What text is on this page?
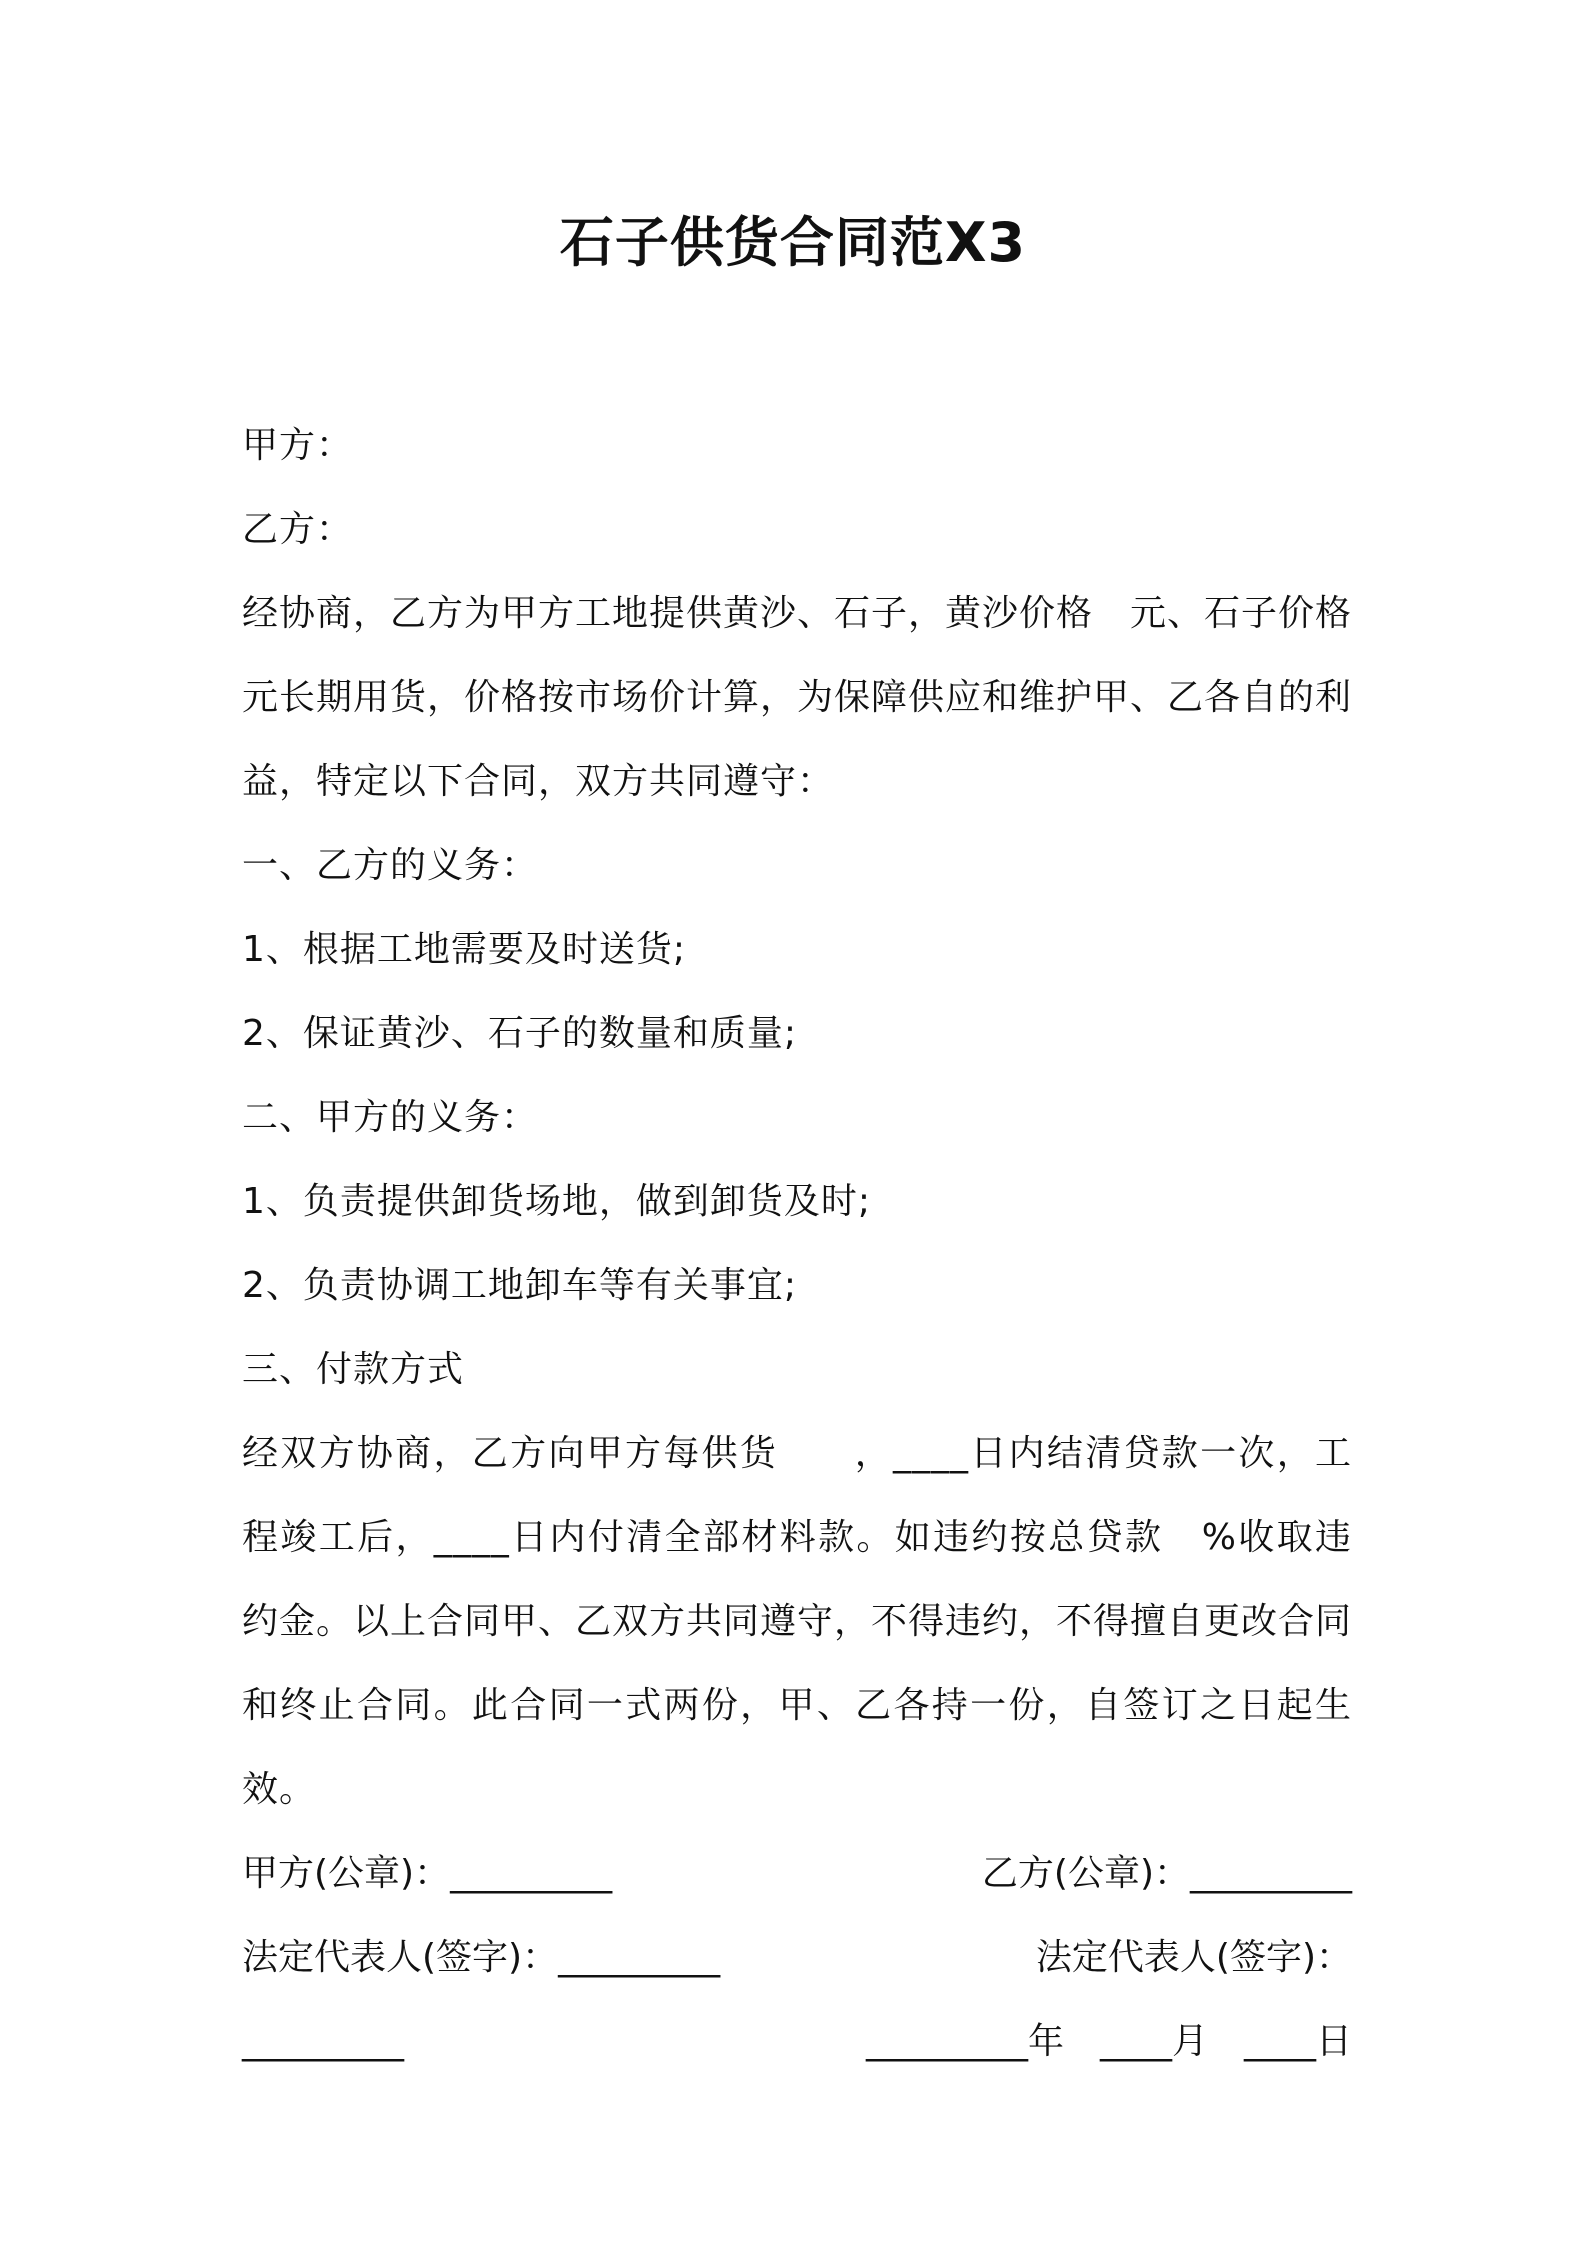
石子供货合同范X3
甲方：
乙方：
经协商，乙方为甲方工地提供黄沙、石子，黄沙价格　元、石子价格　元长期用货，价格按市场价计算，为保障供应和维护甲、乙各自的利益，特定以下合同，双方共同遵守：
一、乙方的义务：
1、根据工地需要及时送货;
2、保证黄沙、石子的数量和质量;
二、甲方的义务：
1、负责提供卸货场地，做到卸货及时;
2、负责协调工地卸车等有关事宜;
三、付款方式
经双方协商，乙方向甲方每供货　　，____日内结清贷款一次，工程竣工后，____日内付清全部材料款。如违约按总贷款　%收取违约金。以上合同甲、乙双方共同遵守，不得违约，不得擅自更改合同和终止合同。此合同一式两份，甲、乙各持一份，自签订之日起生效。
甲方(公章)：_________	乙方(公章)：_________
法定代表人(签字)：_________	法定代表人(签字)：
_________	_________年　____月　____日
